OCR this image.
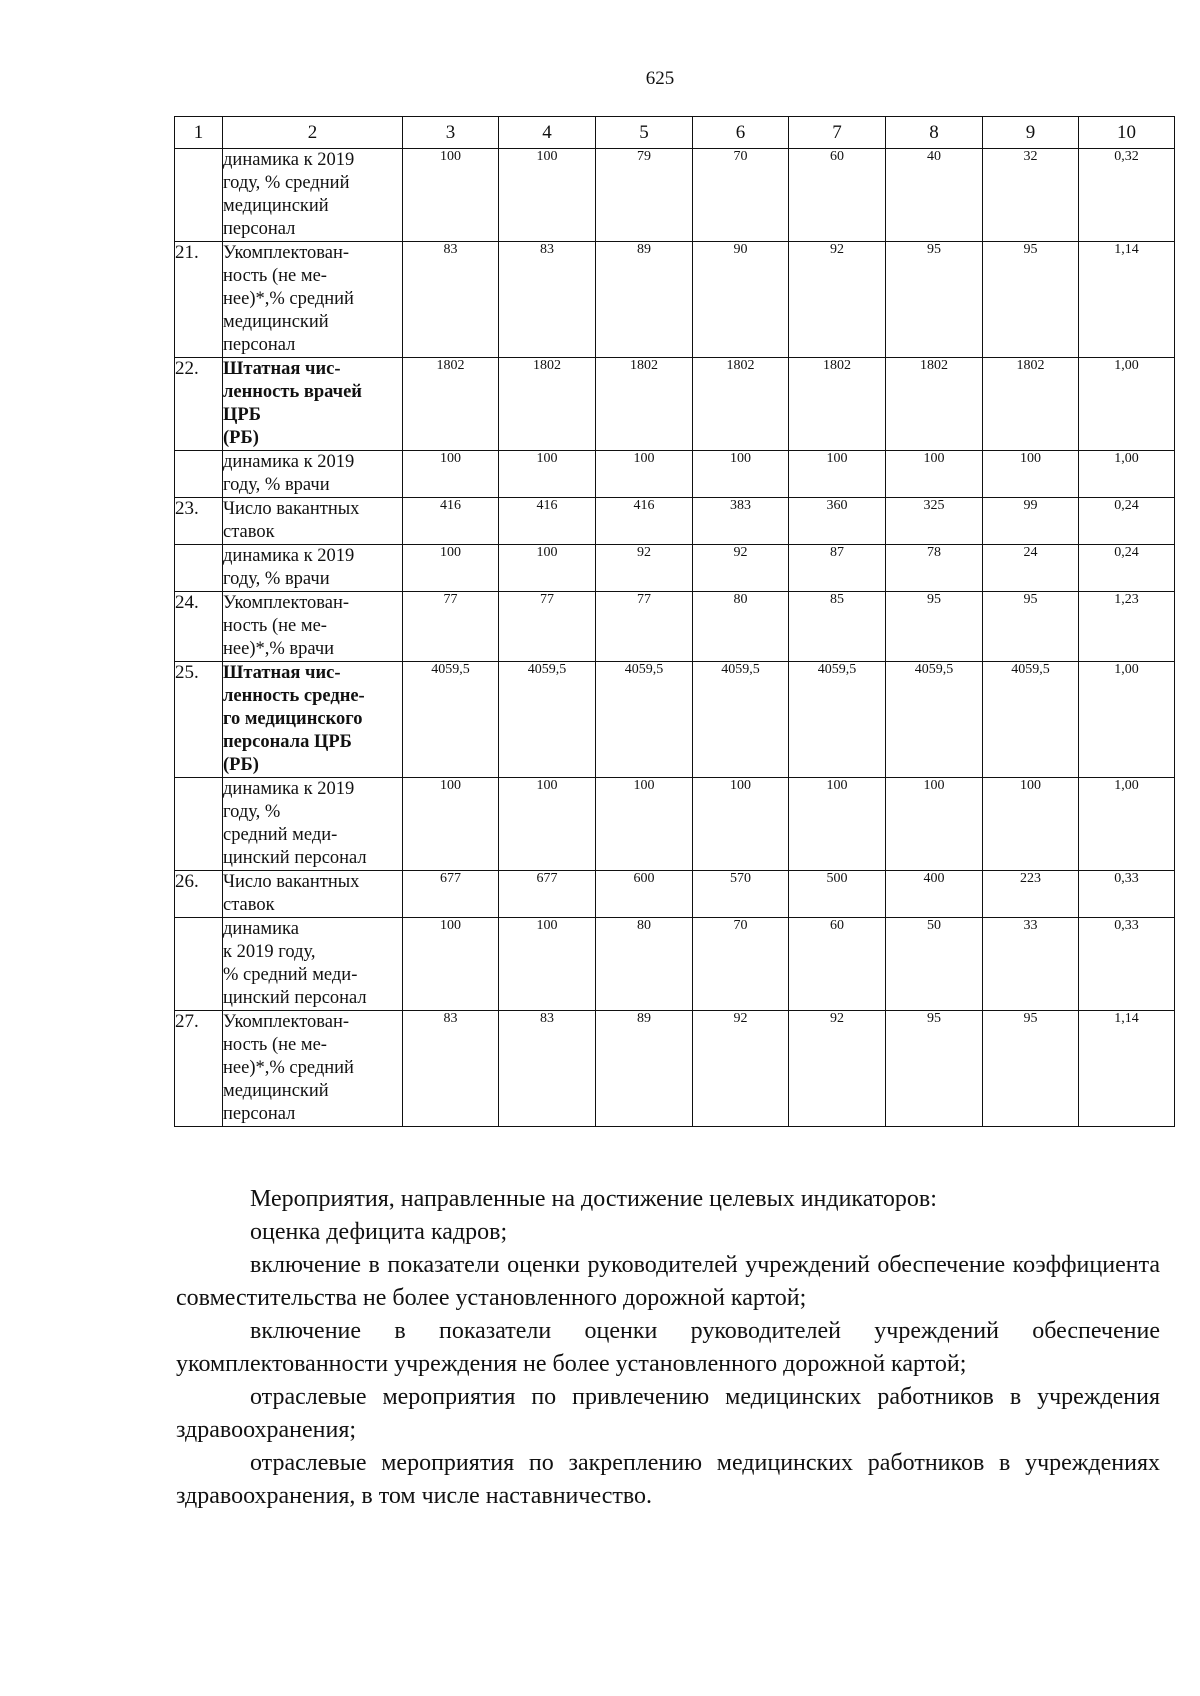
625
1	2	3	4	5	6	7	8	9	10
	динамика к 2019
году, % средний
медицинский
персонал	100	100	79	70	60	40	32	0,32
21.	Укомплектован-
ность (не ме-
нее)*,% средний
медицинский
персонал	83	83	89	90	92	95	95	1,14
22.	Штатная чис-
ленность врачей
ЦРБ
(РБ)	1802	1802	1802	1802	1802	1802	1802	1,00
	динамика к 2019
году, % врачи	100	100	100	100	100	100	100	1,00
23.	Число вакантных
ставок	416	416	416	383	360	325	99	0,24
	динамика к 2019
году, % врачи	100	100	92	92	87	78	24	0,24
24.	Укомплектован-
ность (не ме-
нее)*,% врачи	77	77	77	80	85	95	95	1,23
25.	Штатная чис-
ленность средне-
го медицинского
персонала ЦРБ
(РБ)	4059,5	4059,5	4059,5	4059,5	4059,5	4059,5	4059,5	1,00
	динамика к 2019
году, %
средний меди-
цинский персонал	100	100	100	100	100	100	100	1,00
26.	Число вакантных
ставок	677	677	600	570	500	400	223	0,33
	динамика
к 2019 году,
% средний меди-
цинский персонал	100	100	80	70	60	50	33	0,33
27.	Укомплектован-
ность (не ме-
нее)*,% средний
медицинский
персонал	83	83	89	92	92	95	95	1,14

Мероприятия, направленные на достижение целевых индикаторов:

оценка дефицита кадров;

включение в показатели оценки руководителей учреждений обеспечение коэффициента совместительства не более установленного дорожной картой;

включение в показатели оценки руководителей учреждений обеспечение укомплектованности учреждения не более установленного дорожной картой;

отраслевые мероприятия по привлечению медицинских работников в учреждения здравоохранения;

отраслевые мероприятия по закреплению медицинских работников в учреждениях здравоохранения, в том числе наставничество.
